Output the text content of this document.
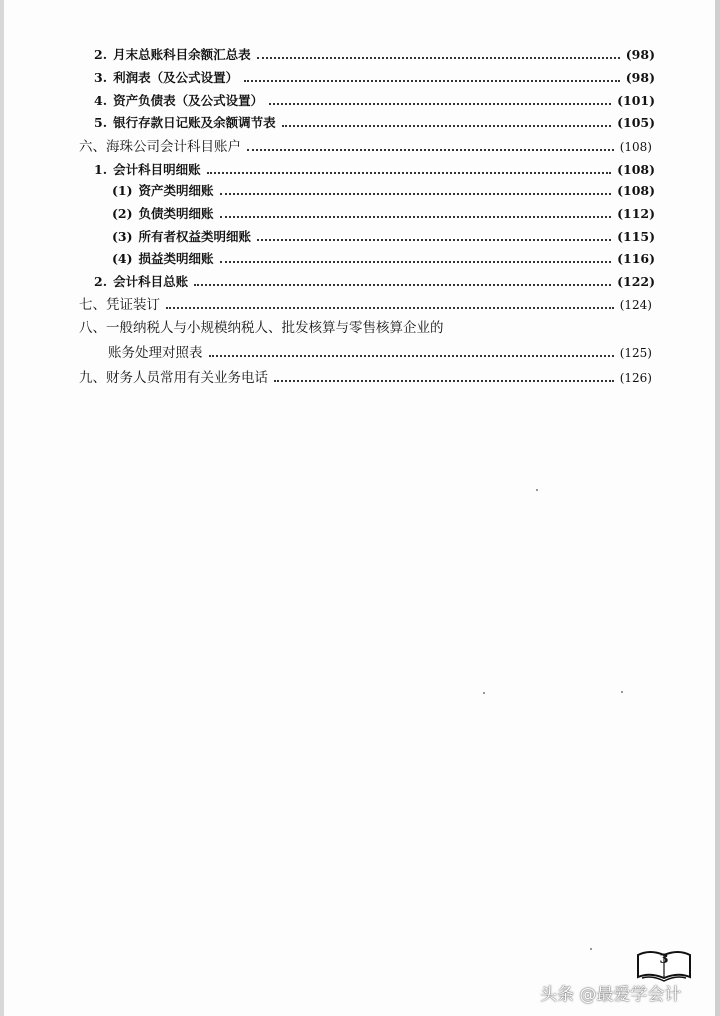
2. 月末总账科目余额汇总表	(98)
3. 利润表（及公式设置）	(98)
4. 资产负债表（及公式设置）	(101)
5. 银行存款日记账及余额调节表	(105)
六、 海珠公司会计科目账户	(108)
1. 会计科目明细账	(108)
(1) 资产类明细账	(108)
(2) 负债类明细账	(112)
(3) 所有者权益类明细账	(115)
(4) 损益类明细账	(116)
2. 会计科目总账	(122)
七、 凭证装订	(124)
八、 一般纳税人与小规模纳税人、批发核算与零售核算企业的
账务处理对照表	(125)
九、 财务人员常用有关业务电话	(126)
3
头条 @最爱学会计
